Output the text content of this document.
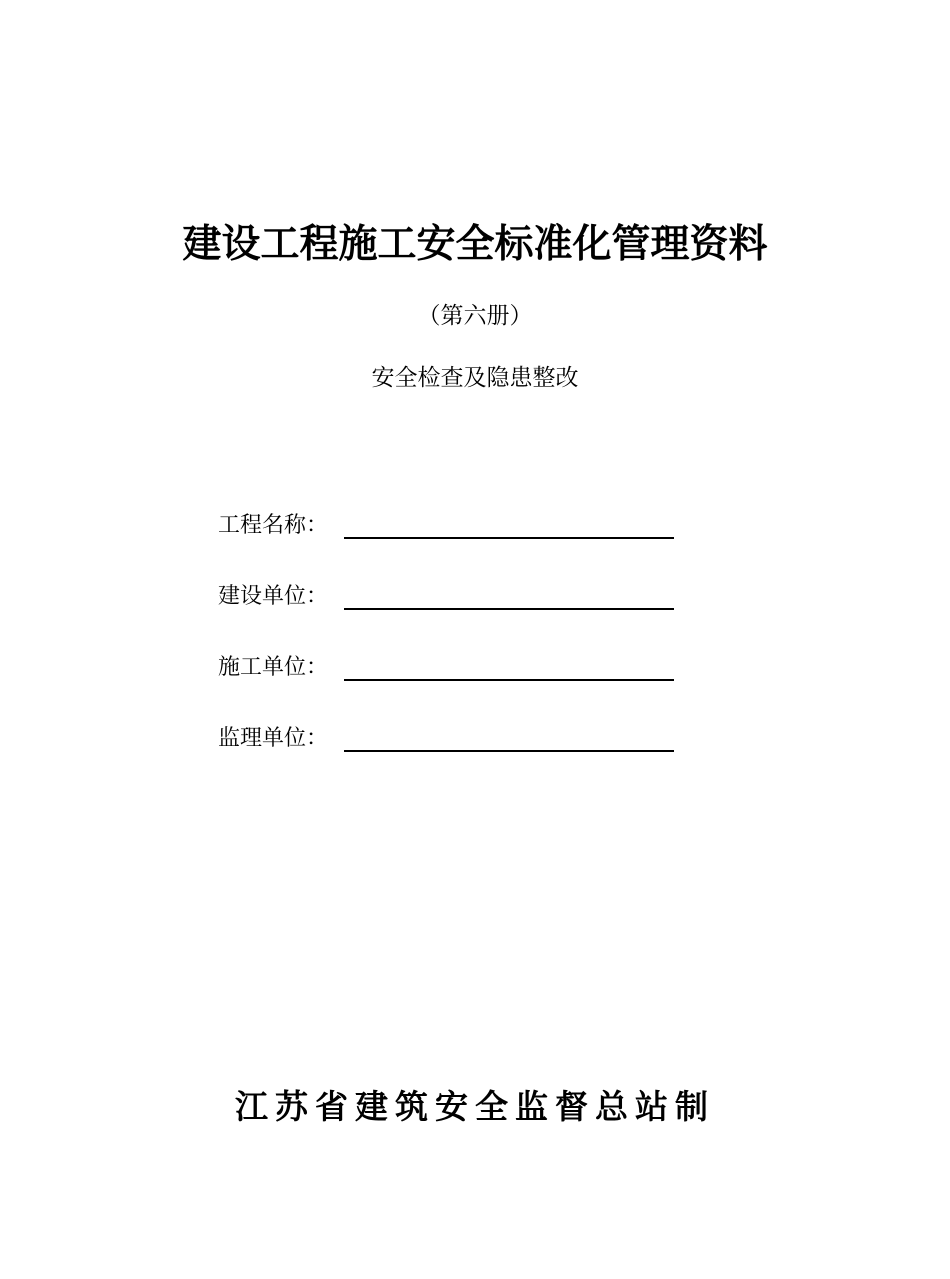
建设工程施工安全标准化管理资料
（第六册）
安全检查及隐患整改
工程名称：
建设单位：
施工单位：
监理单位：
江苏省建筑安全监督总站制
